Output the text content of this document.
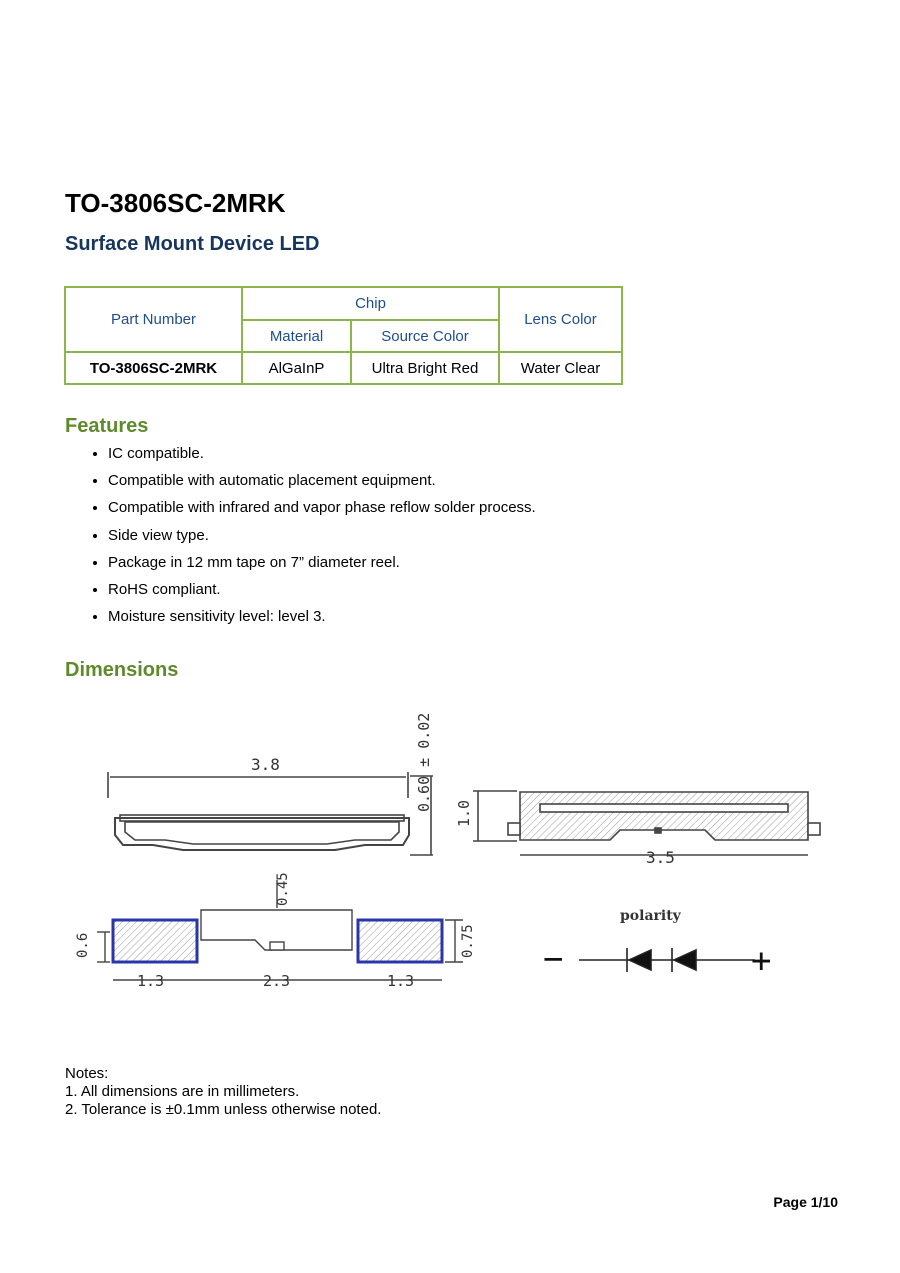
TO-3806SC-2MRK
Surface Mount Device LED
Part Number	Chip		Lens Color
	Material	Source Color	
TO-3806SC-2MRK	AlGaInP	Ultra Bright Red	Water Clear
Features
• IC compatible.
• Compatible with automatic placement equipment.
• Compatible with infrared and vapor phase reflow solder process.
• Side view type.
• Package in 12 mm tape on 7” diameter reel.
• RoHS compliant.
• Moisture sensitivity level: level 3.
Dimensions
3.8	0.60 ± 0.02
1.0
3.5
0.45
0.6	0.75
1.3	2.3	1.3
polarity
−	+
Notes:
1. All dimensions are in millimeters.
2. Tolerance is ±0.1mm unless otherwise noted.
Page 1/10
